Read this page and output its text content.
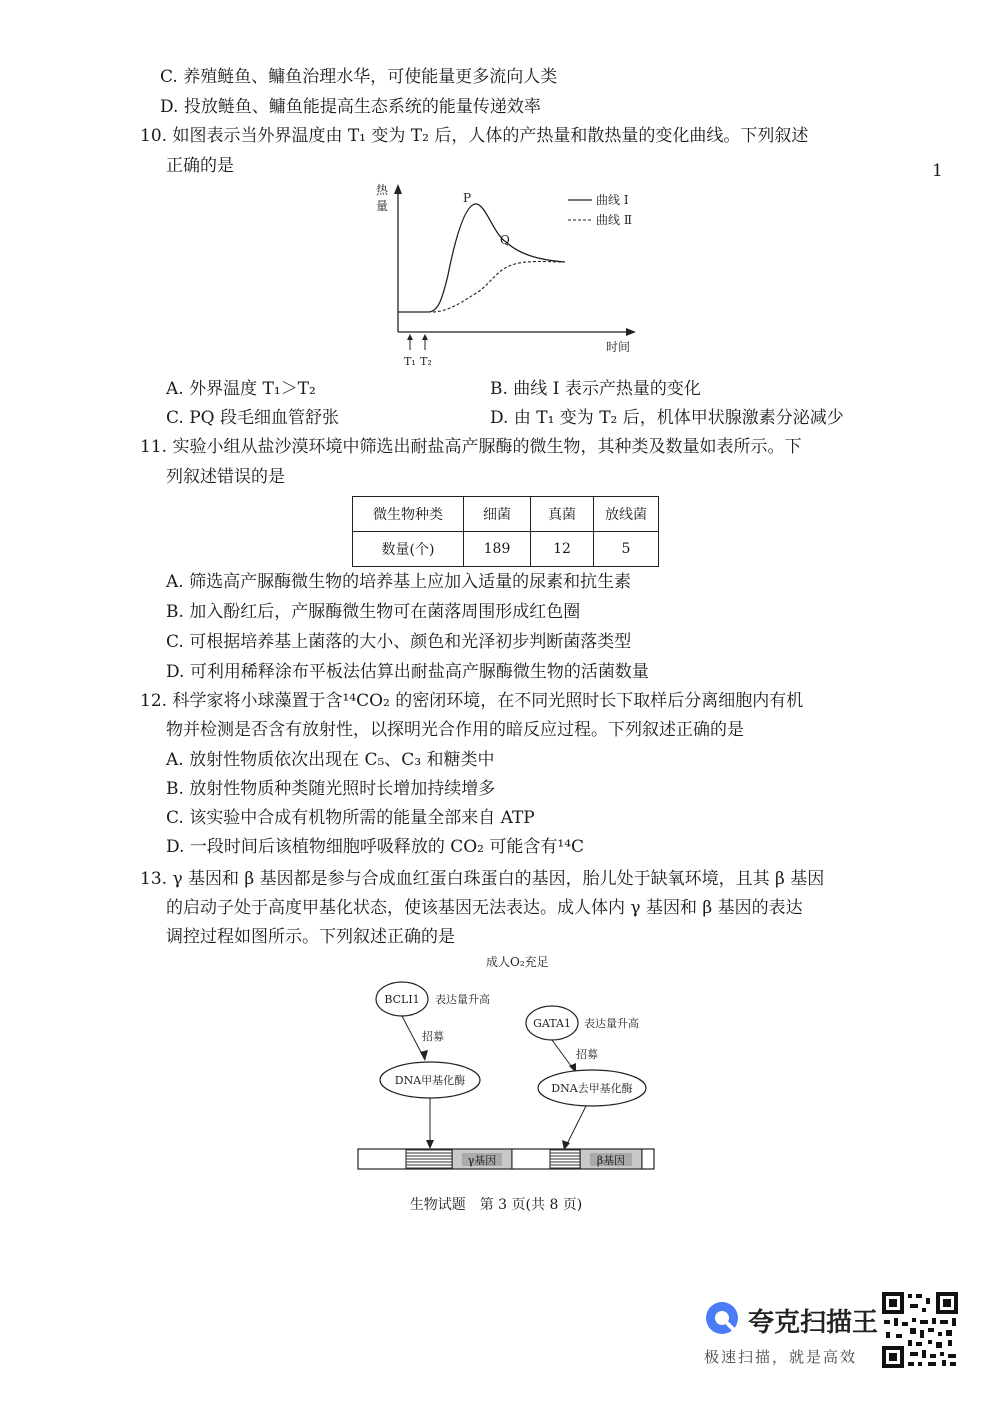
1
C. 养殖鲢鱼、鳙鱼治理水华，可使能量更多流向人类
D. 投放鲢鱼、鳙鱼能提高生态系统的能量传递效率
10. 如图表示当外界温度由 T₁ 变为 T₂ 后，人体的产热量和散热量的变化曲线。下列叙述
正确的是
热
量
时间
P
Q
曲线 Ⅰ
曲线 Ⅱ
T₁ T₂
A. 外界温度 T₁＞T₂	B. 曲线 Ⅰ 表示产热量的变化
C. PQ 段毛细血管舒张	D. 由 T₁ 变为 T₂ 后，机体甲状腺激素分泌减少
11. 实验小组从盐沙漠环境中筛选出耐盐高产脲酶的微生物，其种类及数量如表所示。下
列叙述错误的是
微生物种类	细菌	真菌	放线菌
数量(个)	189	12	5
A. 筛选高产脲酶微生物的培养基上应加入适量的尿素和抗生素
B. 加入酚红后，产脲酶微生物可在菌落周围形成红色圈
C. 可根据培养基上菌落的大小、颜色和光泽初步判断菌落类型
D. 可利用稀释涂布平板法估算出耐盐高产脲酶微生物的活菌数量
12. 科学家将小球藻置于含¹⁴CO₂ 的密闭环境，在不同光照时长下取样后分离细胞内有机
物并检测是否含有放射性，以探明光合作用的暗反应过程。下列叙述正确的是
A. 放射性物质依次出现在 C₅、C₃ 和糖类中
B. 放射性物质种类随光照时长增加持续增多
C. 该实验中合成有机物所需的能量全部来自 ATP
D. 一段时间后该植物细胞呼吸释放的 CO₂ 可能含有¹⁴C
13. γ 基因和 β 基因都是参与合成血红蛋白珠蛋白的基因，胎儿处于缺氧环境，且其 β 基因
的启动子处于高度甲基化状态，使该基因无法表达。成人体内 γ 基因和 β 基因的表达
调控过程如图所示。下列叙述正确的是
成人O₂充足
BCLI1 表达量升高
招募
DNA甲基化酶
GATA1 表达量升高
招募
DNA去甲基化酶
γ基因	β基因
生物试题　第 3 页(共 8 页)
夸克扫描王
极速扫描，就是高效
